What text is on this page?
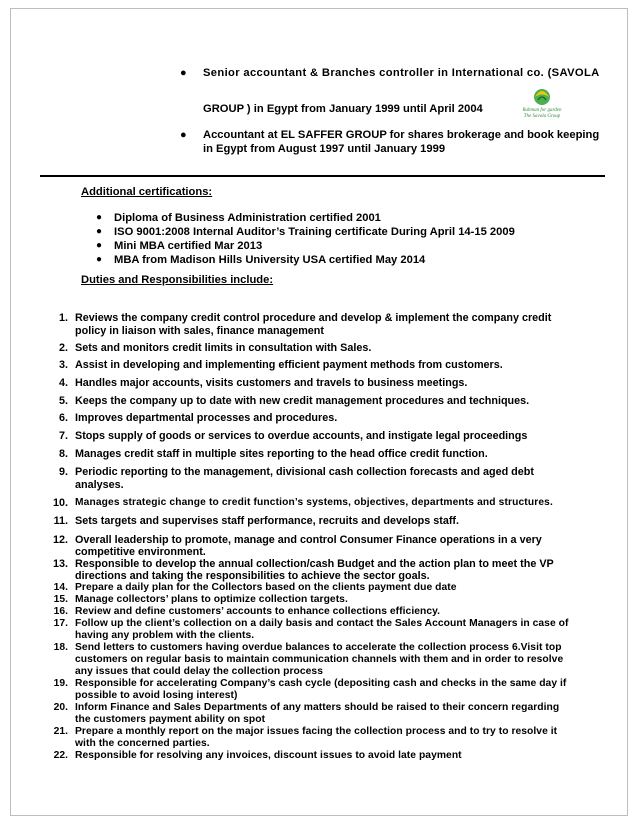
● Senior accountant & Branches controller in International co. (SAVOLA
GROUP ) in Egypt from January 1999 until April 2004
● Accountant at EL SAFFER GROUP for shares brokerage and book keeping
in Egypt from August 1997 until January 1999
Rahman for garden
The Savola Group
Additional certifications:
● Diploma of Business Administration certified 2001
● ISO 9001:2008 Internal Auditor’s Training certificate During April 14-15 2009
● Mini MBA certified Mar 2013
● MBA from Madison Hills University USA certified May 2014
Duties and Responsibilities include:
1. Reviews the company credit control procedure and develop & implement the company credit
policy in liaison with sales, finance management
2. Sets and monitors credit limits in consultation with Sales.
3. Assist in developing and implementing efficient payment methods from customers.
4. Handles major accounts, visits customers and travels to business meetings.
5. Keeps the company up to date with new credit management procedures and techniques.
6. Improves departmental processes and procedures.
7. Stops supply of goods or services to overdue accounts, and instigate legal proceedings
8. Manages credit staff in multiple sites reporting to the head office credit function.
9. Periodic reporting to the management, divisional cash collection forecasts and aged debt
analyses.
10. Manages strategic change to credit function’s systems, objectives, departments and structures.
11. Sets targets and supervises staff performance, recruits and develops staff.
12. Overall leadership to promote, manage and control Consumer Finance operations in a very
competitive environment.
13. Responsible to develop the annual collection/cash Budget and the action plan to meet the VP
directions and taking the responsibilities to achieve the sector goals.
14. Prepare a daily plan for the Collectors based on the clients payment due date
15. Manage collectors’ plans to optimize collection targets.
16. Review and define customers’ accounts to enhance collections efficiency.
17. Follow up the client’s collection on a daily basis and contact the Sales Account Managers in case of
having any problem with the clients.
18. Send letters to customers having overdue balances to accelerate the collection process 6.Visit top
customers on regular basis to maintain communication channels with them and in order to resolve
any issues that could delay the collection process
19. Responsible for accelerating Company’s cash cycle (depositing cash and checks in the same day if
possible to avoid losing interest)
20. Inform Finance and Sales Departments of any matters should be raised to their concern regarding
the customers payment ability on spot
21. Prepare a monthly report on the major issues facing the collection process and to try to resolve it
with the concerned parties.
22. Responsible for resolving any invoices, discount issues to avoid late payment
